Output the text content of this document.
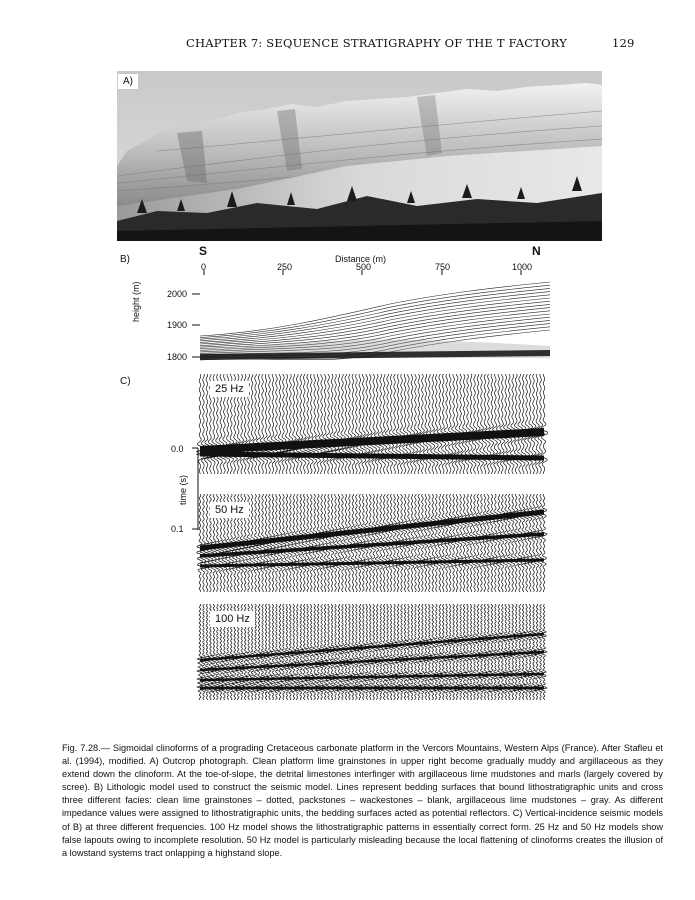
CHAPTER 7: SEQUENCE STRATIGRAPHY OF THE T FACTORY	129
A)
B)
S	N
Distance (m)
0	250	500	750	1000
2000
1900
1800
height (m)
C)
0.0
0.1
time (s)
25 Hz
50 Hz
100 Hz
Fig. 7.28.— Sigmoidal clinoforms of a prograding Cretaceous carbonate platform in the Vercors Mountains, Western Alps (France). After Stafleu et al. (1994), modified. A) Outcrop photograph. Clean platform lime grainstones in upper right become gradually muddy and argillaceous as they extend down the clinoform. At the toe-of-slope, the detrital limestones interfinger with argillaceous lime mudstones and marls (largely covered by scree). B) Lithologic model used to construct the seismic model. Lines represent bedding surfaces that bound lithostratigraphic units and cross three different facies: clean lime grainstones – dotted, packstones – wackestones – blank, argillaceous lime mudstones – gray. As different impedance values were assigned to lithostratigraphic units, the bedding surfaces acted as potential reflectors. C) Vertical-incidence seismic models of B) at three different frequencies. 100 Hz model shows the lithostratigraphic patterns in essentially correct form. 25 Hz and 50 Hz models show false lapouts owing to incomplete resolution. 50 Hz model is particularly misleading because the local flattening of clinoforms creates the illusion of a lowstand systems tract onlapping a highstand slope.
